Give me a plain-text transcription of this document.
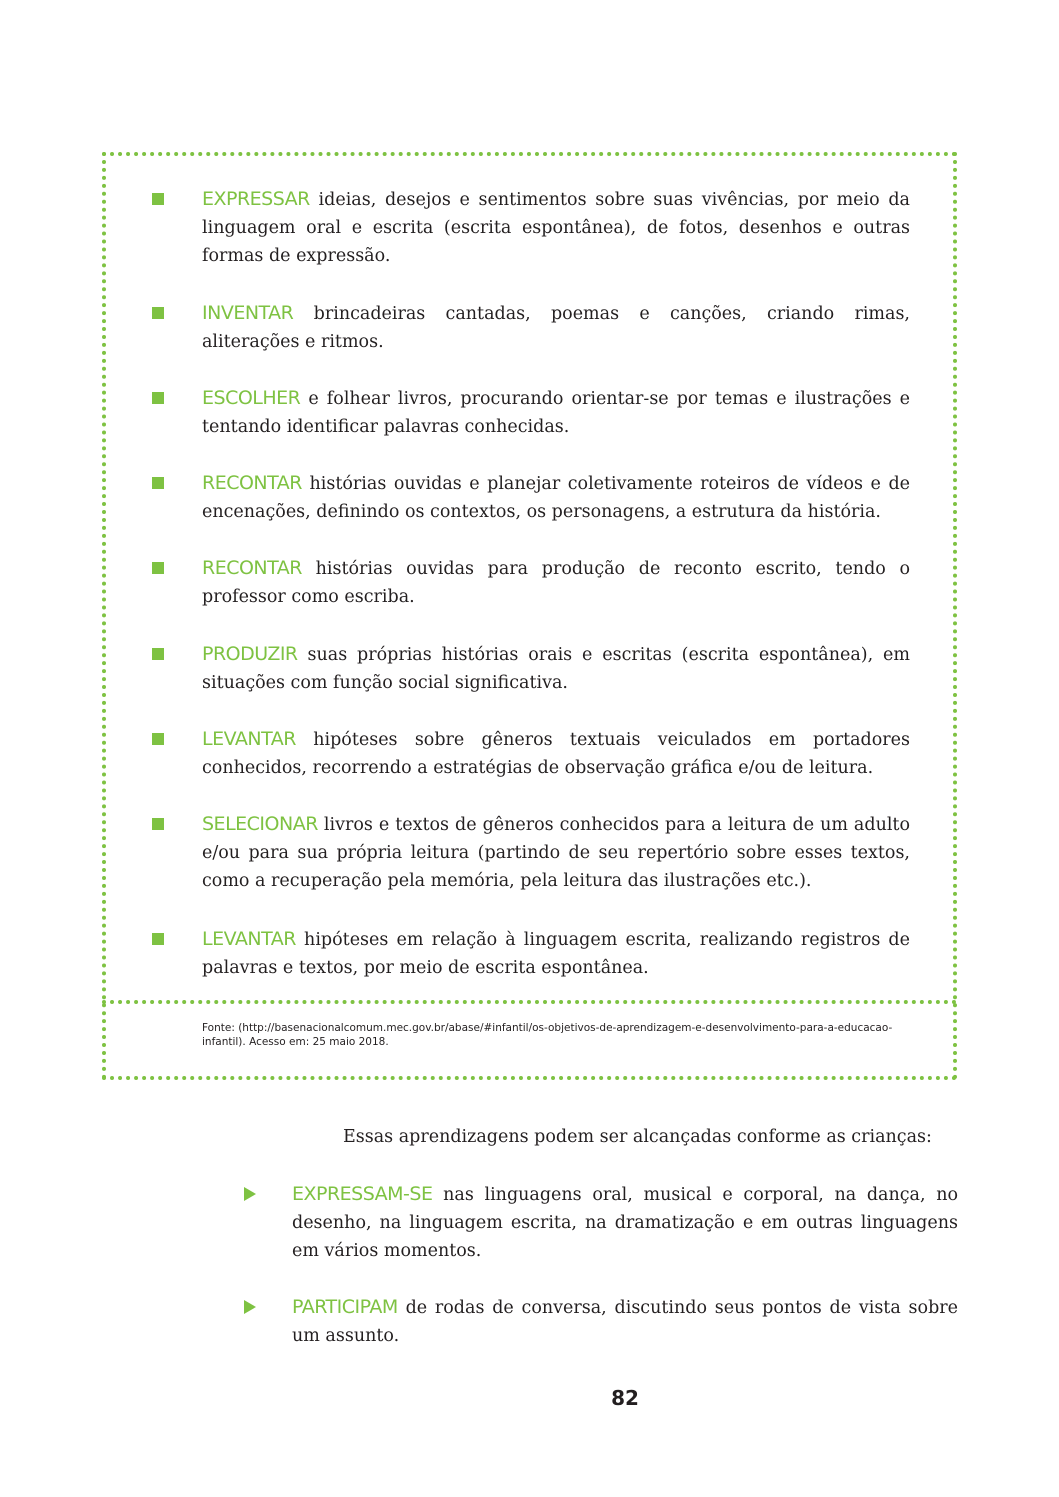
EXPRESSAR ideias, desejos e sentimentos sobre suas vivências, por meio da linguagem oral e escrita (escrita espontânea), de fotos, desenhos e outras formas de expressão.
INVENTAR brincadeiras cantadas, poemas e canções, criando rimas, aliterações e ritmos.
ESCOLHER e folhear livros, procurando orientar-se por temas e ilustrações e tentando identificar palavras conhecidas.
RECONTAR histórias ouvidas e planejar coletivamente roteiros de vídeos e de encenações, definindo os contextos, os personagens, a estrutura da história.
RECONTAR histórias ouvidas para produção de reconto escrito, tendo o professor como escriba.
PRODUZIR suas próprias histórias orais e escritas (escrita espontânea), em situações com função social significativa.
LEVANTAR hipóteses sobre gêneros textuais veiculados em portadores conhecidos, recorrendo a estratégias de observação gráfica e/ou de leitura.
SELECIONAR livros e textos de gêneros conhecidos para a leitura de um adulto e/ou para sua própria leitura (partindo de seu repertório sobre esses textos, como a recuperação pela memória, pela leitura das ilustrações etc.).
LEVANTAR hipóteses em relação à linguagem escrita, realizando registros de palavras e textos, por meio de escrita espontânea.
Fonte: (http://basenacionalcomum.mec.gov.br/abase/#infantil/os-objetivos-de-aprendizagem-e-desenvolvimento-para-a-educacao-infantil). Acesso em: 25 maio 2018.
Essas aprendizagens podem ser alcançadas conforme as crianças:
EXPRESSAM-SE nas linguagens oral, musical e corporal, na dança, no desenho, na linguagem escrita, na dramatização e em outras linguagens em vários momentos.
PARTICIPAM de rodas de conversa, discutindo seus pontos de vista sobre um assunto.
82
